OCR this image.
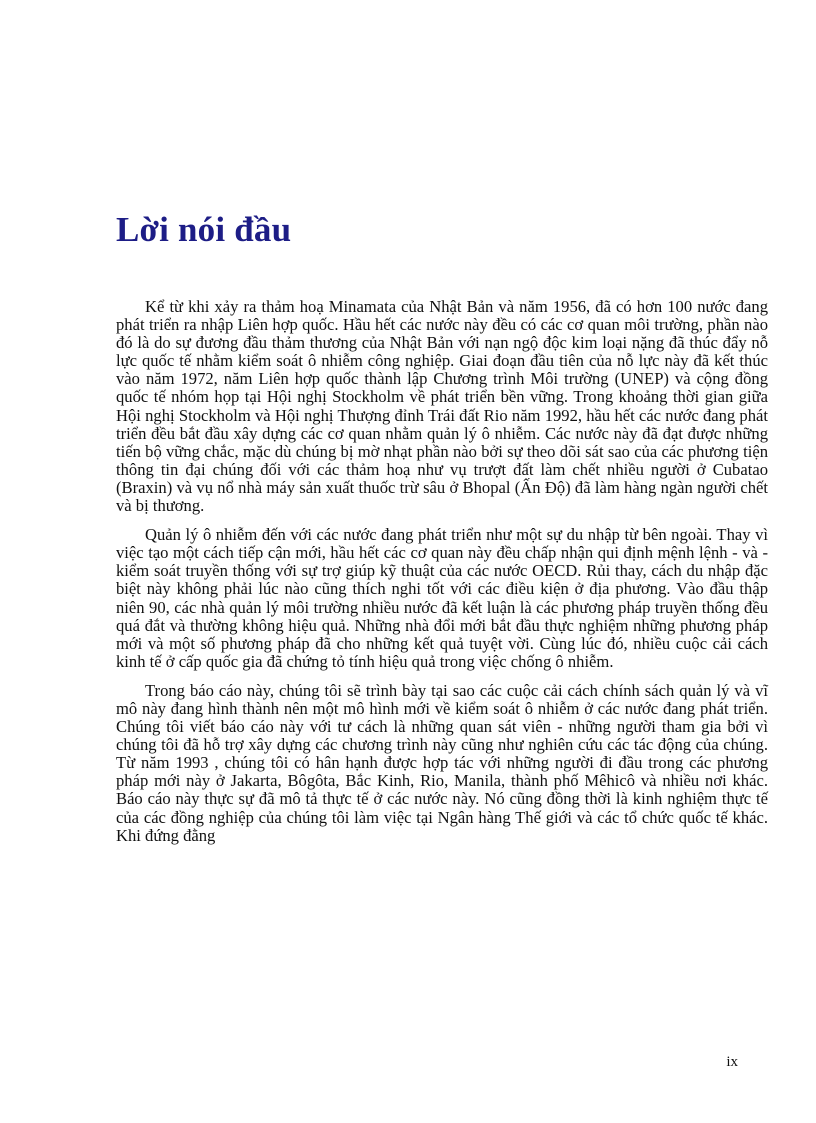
Lời nói đầu

Kể từ khi xảy ra thảm hoạ Minamata của Nhật Bản và năm 1956, đã có hơn 100 nước đang phát triển ra nhập Liên hợp quốc. Hầu hết các nước này đều có các cơ quan môi trường, phần nào đó là do sự đương đầu thảm thương của Nhật Bản với nạn ngộ độc kim loại nặng đã thúc đẩy nỗ lực quốc tế nhằm kiểm soát ô nhiễm công nghiệp. Giai đoạn đầu tiên của nỗ lực này đã kết thúc vào năm 1972, năm Liên hợp quốc thành lập Chương trình Môi trường (UNEP) và cộng đồng quốc tế nhóm họp tại Hội nghị Stockholm về phát triển bền vững. Trong khoảng thời gian giữa Hội nghị Stockholm và Hội nghị Thượng đỉnh Trái đất Rio năm 1992, hầu hết các nước đang phát triển đều bắt đầu xây dựng các cơ quan nhằm quản lý ô nhiễm. Các nước này đã đạt được những tiến bộ vững chắc, mặc dù chúng bị mờ nhạt phần nào bởi sự theo dõi sát sao của các phương tiện thông tin đại chúng đối với các thảm hoạ như vụ trượt đất làm chết nhiều người ở Cubatao (Braxin) và vụ nổ nhà máy sản xuất thuốc trừ sâu ở Bhopal (Ấn Độ) đã làm hàng ngàn người chết và bị thương.

Quản lý ô nhiễm đến với các nước đang phát triển như một sự du nhập từ bên ngoài. Thay vì việc tạo một cách tiếp cận mới, hầu hết các cơ quan này đều chấp nhận qui định mệnh lệnh - và - kiểm soát truyền thống với sự trợ giúp kỹ thuật của các nước OECD. Rủi thay, cách du nhập đặc biệt này không phải lúc nào cũng thích nghi tốt với các điều kiện ở địa phương. Vào đầu thập niên 90, các nhà quản lý môi trường nhiều nước đã kết luận là các phương pháp truyền thống đều quá đắt và thường không hiệu quả. Những nhà đổi mới bắt đầu thực nghiệm những phương pháp mới và một số phương pháp đã cho những kết quả tuyệt vời. Cùng lúc đó, nhiều cuộc cải cách kinh tế ở cấp quốc gia đã chứng tỏ tính hiệu quả trong việc chống ô nhiễm.

Trong báo cáo này, chúng tôi sẽ trình bày tại sao các cuộc cải cách chính sách quản lý và vĩ mô này đang hình thành nên một mô hình mới về kiểm soát ô nhiễm ở các nước đang phát triển. Chúng tôi viết báo cáo này với tư cách là những quan sát viên - những người tham gia bởi vì chúng tôi đã hỗ trợ xây dựng các chương trình này cũng như nghiên cứu các tác động của chúng. Từ năm 1993 , chúng tôi có hân hạnh được hợp tác với những người đi đầu trong các phương pháp mới này ở Jakarta, Bôgôta, Bắc Kinh, Rio, Manila, thành phố Mêhicô và nhiều nơi khác. Báo cáo này thực sự đã mô tả thực tế ở các nước này. Nó cũng đồng thời là kinh nghiệm thực tế của các đồng nghiệp của chúng tôi làm việc tại Ngân hàng Thế giới và các tổ chức quốc tế khác. Khi đứng đằng

ix
